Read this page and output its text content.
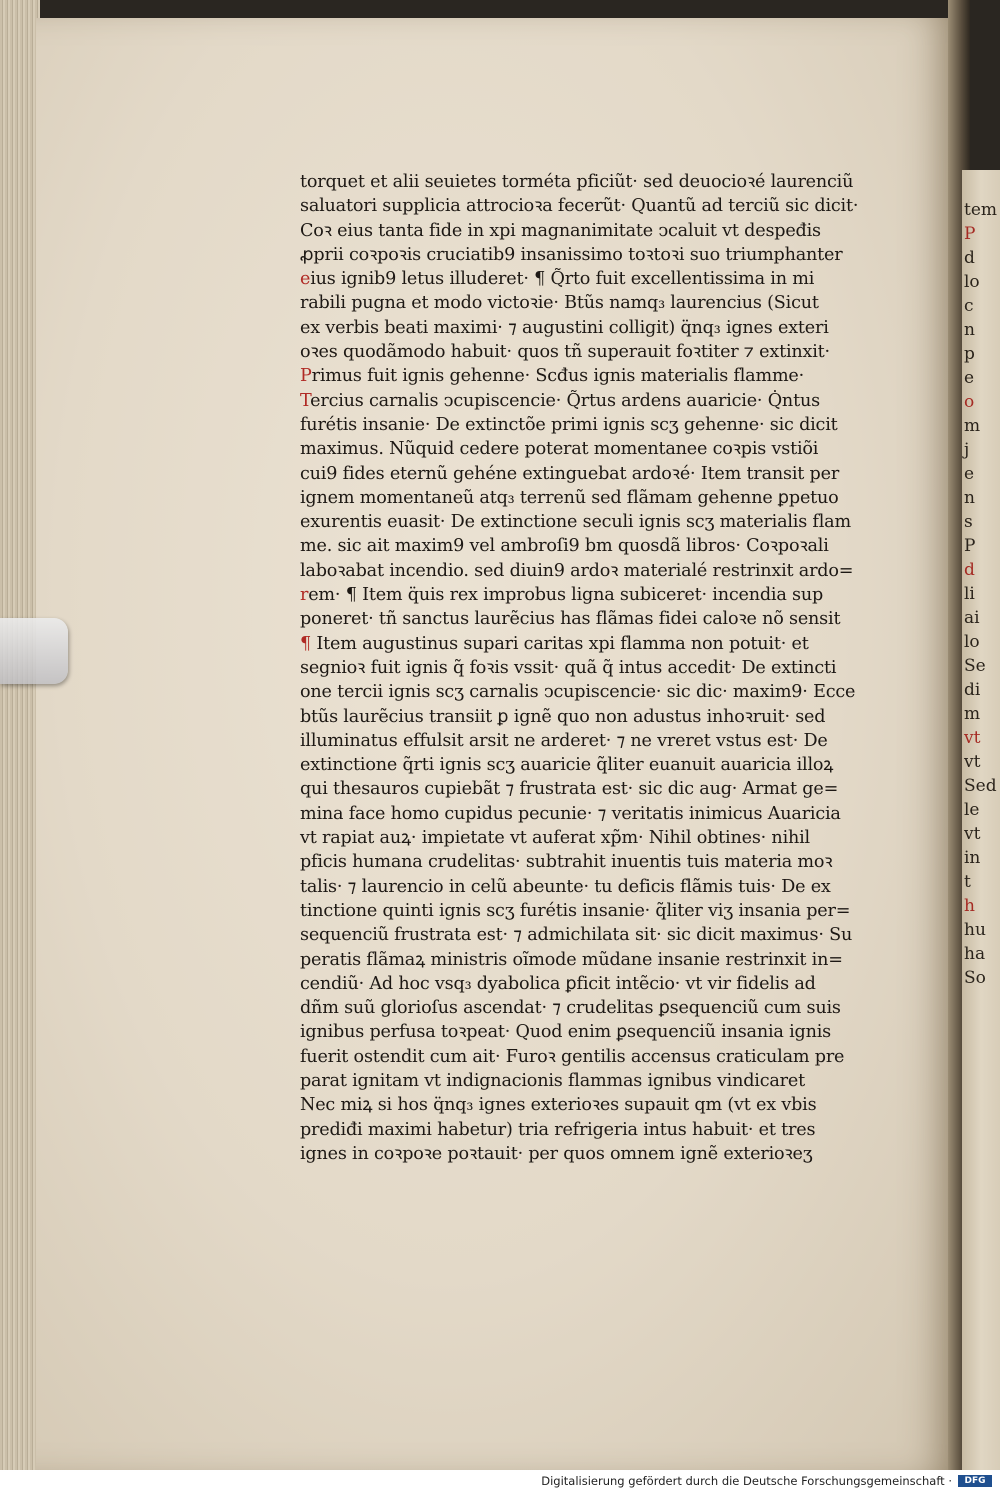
torquet et alii seuietes torméta pficiũt· sed deuocioꝛé laurenciũ
saluatori supplicia attrocioꝛa fecerũt· Quantũ ad terciũ sic dicit·
Coꝛ eius tanta fide in xpi magnanimitate ↄcaluit vt despeđis
ꝓprii coꝛpoꝛis cruciatib9 insanissimo toꝛtoꝛi suo triumphanter
eius ignib9 letus illuderet· ¶ Q̃rto fuit excellentissima in mi
rabili pugna et modo victoꝛie· Btũs namq₃ laurencius (Sicut
ex verbis beati maximi· ⁊ augustini colligit) q̈nq₃ ignes exteri
oꝛes quodãmodo habuit· quos tñ superauit foꝛtiter ⁊ extinxit·
Primus fuit ignis gehenne· Scđus ignis materialis flamme·
Tercius carnalis ↄcupiscencie· Q̃rtus ardens auaricie· Q̇ntus
furétis insanie· De extinctõe primi ignis scʒ gehenne· sic dicit
maximus. Nũquid cedere poterat momentanee coꝛpis vstiõi
cui9 fides eternũ gehéne extinguebat ardoꝛé· Item transit per
ignem momentaneũ atq₃ terrenũ sed flãmam gehenne ꝑpetuo
exurentis euasit· De extinctione seculi ignis scʒ materialis flam
me. sic ait maxim9 vel ambroſi9 bm quosdã libros· Coꝛpoꝛali
laboꝛabat incendio. sed diuin9 ardoꝛ materialé restrinxit ardo=
rem· ¶ Item q̈uis rex improbus ligna subiceret· incendia sup
poneret· tñ sanctus laurẽcius has flãmas fidei caloꝛe nõ sensit
¶ Item augustinus supari caritas xpi flamma non potuit· et
segnioꝛ fuit ignis q̃ foꝛis vssit· quã q̃ intus accedit· De extincti
one tercii ignis scʒ carnalis ↄcupiscencie· sic dic· maxim9· Ecce
btũs laurẽcius transiit ꝑ ignẽ quo non adustus inhoꝛruit· sed
illuminatus effulsit arsit ne arderet· ⁊ ne vreret vstus est· De
extinctione q̃rti ignis scʒ auaricie q̃liter euanuit auaricia illoꝝ
qui thesauros cupiebãt ⁊ frustrata est· sic dic aug· Armat ge=
mina face homo cupidus pecunie· ⁊ veritatis inimicus Auaricia
vt rapiat auꝝ· impietate vt auferat xp̃m· Nihil obtines· nihil
pficis humana crudelitas· subtrahit inuentis tuis materia moꝛ
talis· ⁊ laurencio in celũ abeunte· tu deficis flãmis tuis· De ex
tinctione quinti ignis scʒ furétis insanie· q̃liter viʒ insania per=
sequenciũ frustrata est· ⁊ admichilata sit· sic dicit maximus· Su
peratis flãmaꝝ ministris oĩmode mũdane insanie restrinxit in=
cendiũ· Ad hoc vsq₃ dyabolica ꝑficit intẽcio· vt vir fidelis ad
dñm suũ glorioſus ascendat· ⁊ crudelitas ꝑsequenciũ cum suis
ignibus perfusa toꝛpeat· Quod enim ꝑsequenciũ insania ignis
fuerit ostendit cum ait· Furoꝛ gentilis accensus craticulam pre
parat ignitam vt indignacionis flammas ignibus vindicaret
Nec miꝝ si hos q̈nq₃ ignes exterioꝛes supauit qm (vt ex vbis
prediđi maximi habetur) tria refrigeria intus habuit· et tres
ignes in coꝛpoꝛe poꝛtauit· per quos omnem ignẽ exterioꝛeʒ
tem
P
d
lo
c
n
p
e
o
m
j
e
n
s
P
d
li
ai
lo
Se
di
m
vt
vt
Sed
le
vt
in
t
h
hu
ha
So
Digitalisierung gefördert durch die Deutsche Forschungsgemeinschaft ·	DFG
